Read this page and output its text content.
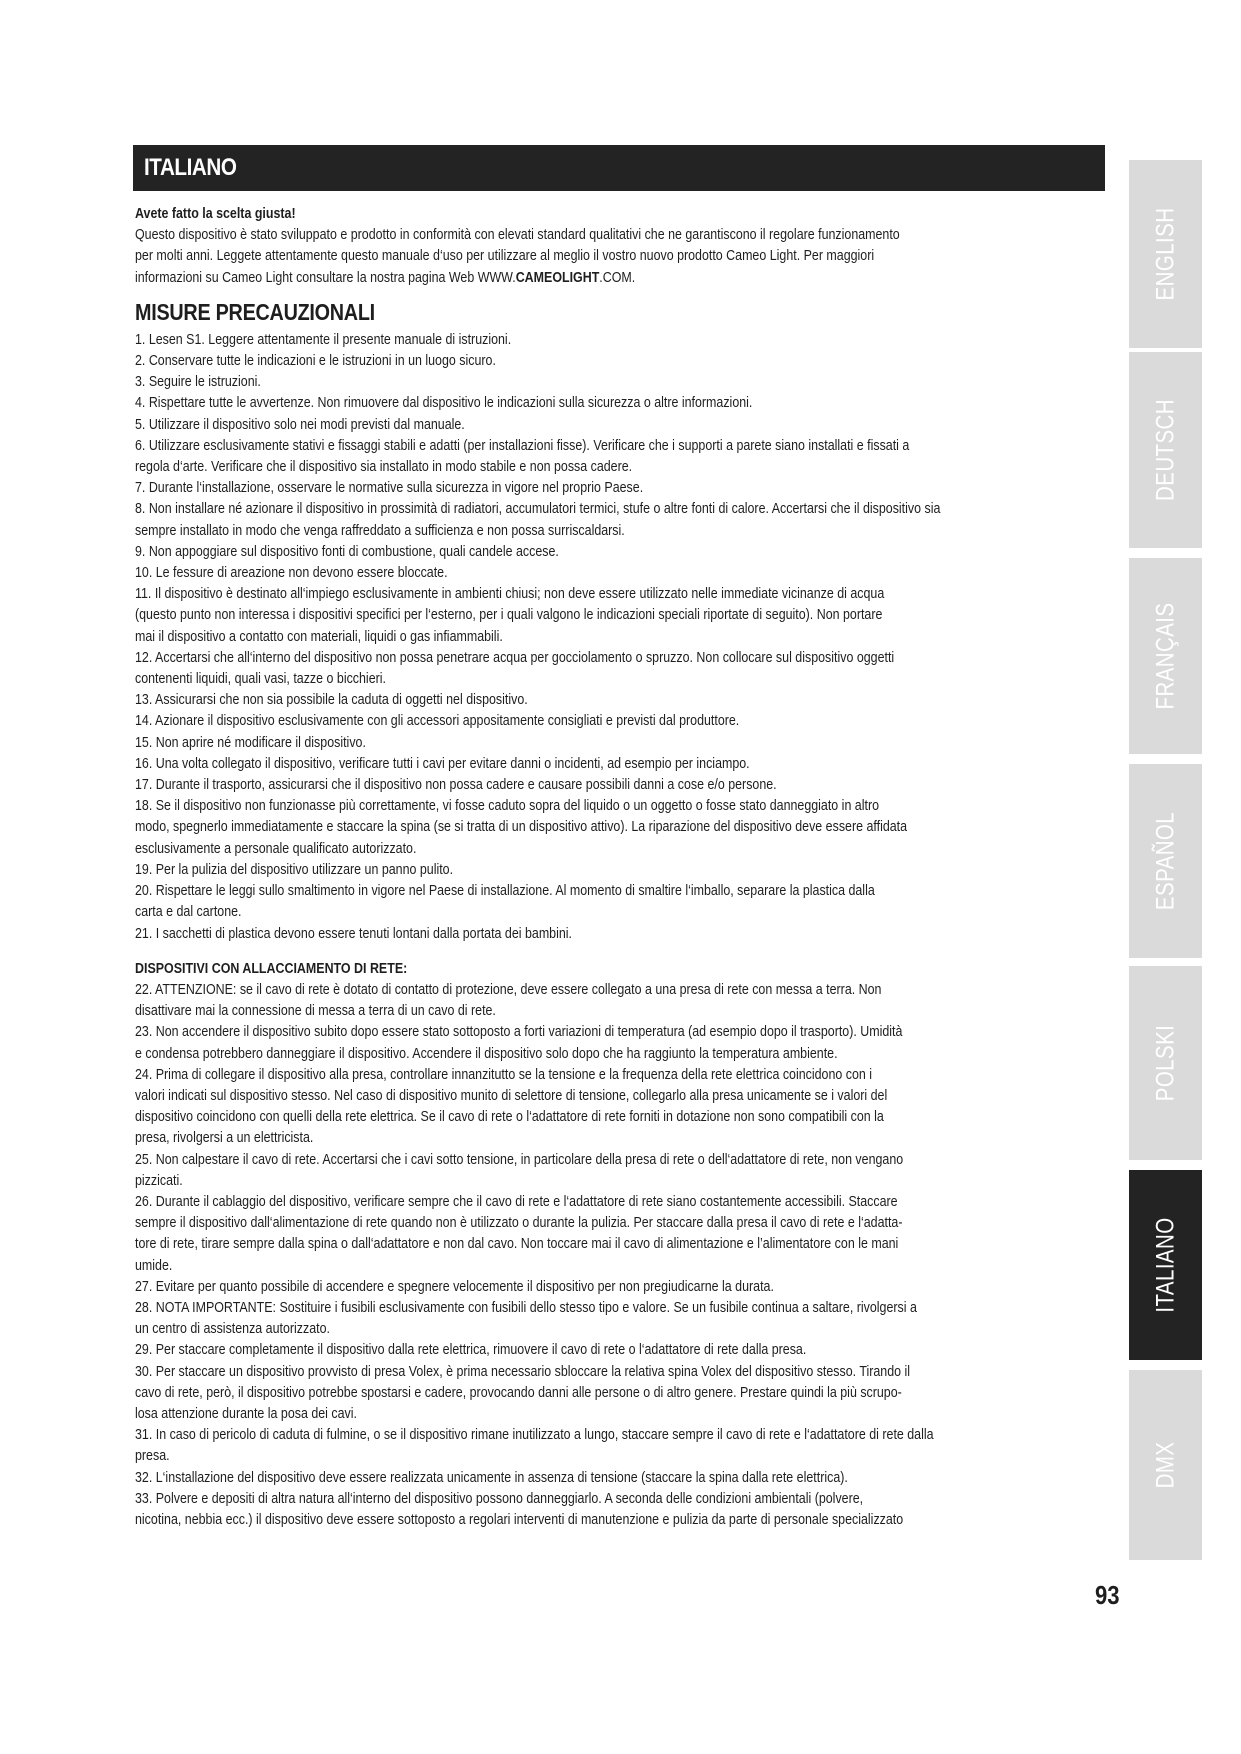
ITALIANO
Avete fatto la scelta giusta!
Questo dispositivo è stato sviluppato e prodotto in conformità con elevati standard qualitativi che ne garantiscono il regolare funzionamento
per molti anni. Leggete attentamente questo manuale d‘uso per utilizzare al meglio il vostro nuovo prodotto Cameo Light. Per maggiori
informazioni su Cameo Light consultare la nostra pagina Web WWW.CAMEOLIGHT.COM.
MISURE PRECAUZIONALI
1. Lesen S1. Leggere attentamente il presente manuale di istruzioni.
2. Conservare tutte le indicazioni e le istruzioni in un luogo sicuro.
3. Seguire le istruzioni.
4. Rispettare tutte le avvertenze. Non rimuovere dal dispositivo le indicazioni sulla sicurezza o altre informazioni.
5. Utilizzare il dispositivo solo nei modi previsti dal manuale.
6. Utilizzare esclusivamente stativi e fissaggi stabili e adatti (per installazioni fisse). Verificare che i supporti a parete siano installati e fissati a
regola d‘arte. Verificare che il dispositivo sia installato in modo stabile e non possa cadere.
7. Durante l‘installazione, osservare le normative sulla sicurezza in vigore nel proprio Paese.
8. Non installare né azionare il dispositivo in prossimità di radiatori, accumulatori termici, stufe o altre fonti di calore. Accertarsi che il dispositivo sia
sempre installato in modo che venga raffreddato a sufficienza e non possa surriscaldarsi.
9. Non appoggiare sul dispositivo fonti di combustione, quali candele accese.
10. Le fessure di areazione non devono essere bloccate.
11. Il dispositivo è destinato all‘impiego esclusivamente in ambienti chiusi; non deve essere utilizzato nelle immediate vicinanze di acqua
(questo punto non interessa i dispositivi specifici per l‘esterno, per i quali valgono le indicazioni speciali riportate di seguito). Non portare
mai il dispositivo a contatto con materiali, liquidi o gas infiammabili.
12. Accertarsi che all‘interno del dispositivo non possa penetrare acqua per gocciolamento o spruzzo. Non collocare sul dispositivo oggetti
contenenti liquidi, quali vasi, tazze o bicchieri.
13. Assicurarsi che non sia possibile la caduta di oggetti nel dispositivo.
14. Azionare il dispositivo esclusivamente con gli accessori appositamente consigliati e previsti dal produttore.
15. Non aprire né modificare il dispositivo.
16. Una volta collegato il dispositivo, verificare tutti i cavi per evitare danni o incidenti, ad esempio per inciampo.
17. Durante il trasporto, assicurarsi che il dispositivo non possa cadere e causare possibili danni a cose e/o persone.
18. Se il dispositivo non funzionasse più correttamente, vi fosse caduto sopra del liquido o un oggetto o fosse stato danneggiato in altro
modo, spegnerlo immediatamente e staccare la spina (se si tratta di un dispositivo attivo). La riparazione del dispositivo deve essere affidata
esclusivamente a personale qualificato autorizzato.
19. Per la pulizia del dispositivo utilizzare un panno pulito.
20. Rispettare le leggi sullo smaltimento in vigore nel Paese di installazione. Al momento di smaltire l‘imballo, separare la plastica dalla
carta e dal cartone.
21. I sacchetti di plastica devono essere tenuti lontani dalla portata dei bambini.
DISPOSITIVI CON ALLACCIAMENTO DI RETE:
22. ATTENZIONE: se il cavo di rete è dotato di contatto di protezione, deve essere collegato a una presa di rete con messa a terra. Non
disattivare mai la connessione di messa a terra di un cavo di rete.
23. Non accendere il dispositivo subito dopo essere stato sottoposto a forti variazioni di temperatura (ad esempio dopo il trasporto). Umidità
e condensa potrebbero danneggiare il dispositivo. Accendere il dispositivo solo dopo che ha raggiunto la temperatura ambiente.
24. Prima di collegare il dispositivo alla presa, controllare innanzitutto se la tensione e la frequenza della rete elettrica coincidono con i
valori indicati sul dispositivo stesso. Nel caso di dispositivo munito di selettore di tensione, collegarlo alla presa unicamente se i valori del
dispositivo coincidono con quelli della rete elettrica. Se il cavo di rete o l‘adattatore di rete forniti in dotazione non sono compatibili con la
presa, rivolgersi a un elettricista.
25. Non calpestare il cavo di rete. Accertarsi che i cavi sotto tensione, in particolare della presa di rete o dell‘adattatore di rete, non vengano
pizzicati.
26. Durante il cablaggio del dispositivo, verificare sempre che il cavo di rete e l‘adattatore di rete siano costantemente accessibili. Staccare
sempre il dispositivo dall‘alimentazione di rete quando non è utilizzato o durante la pulizia. Per staccare dalla presa il cavo di rete e l‘adatta-
tore di rete, tirare sempre dalla spina o dall‘adattatore e non dal cavo. Non toccare mai il cavo di alimentazione e l’alimentatore con le mani
umide.
27. Evitare per quanto possibile di accendere e spegnere velocemente il dispositivo per non pregiudicarne la durata.
28. NOTA IMPORTANTE: Sostituire i fusibili esclusivamente con fusibili dello stesso tipo e valore. Se un fusibile continua a saltare, rivolgersi a
un centro di assistenza autorizzato.
29. Per staccare completamente il dispositivo dalla rete elettrica, rimuovere il cavo di rete o l‘adattatore di rete dalla presa.
30. Per staccare un dispositivo provvisto di presa Volex, è prima necessario sbloccare la relativa spina Volex del dispositivo stesso. Tirando il
cavo di rete, però, il dispositivo potrebbe spostarsi e cadere, provocando danni alle persone o di altro genere. Prestare quindi la più scrupo-
losa attenzione durante la posa dei cavi.
31. In caso di pericolo di caduta di fulmine, o se il dispositivo rimane inutilizzato a lungo, staccare sempre il cavo di rete e l‘adattatore di rete dalla
presa.
32. L‘installazione del dispositivo deve essere realizzata unicamente in assenza di tensione (staccare la spina dalla rete elettrica).
33. Polvere e depositi di altra natura all‘interno del dispositivo possono danneggiarlo. A seconda delle condizioni ambientali (polvere,
nicotina, nebbia ecc.) il dispositivo deve essere sottoposto a regolari interventi di manutenzione e pulizia da parte di personale specializzato
ENGLISH
DEUTSCH
FRANÇAIS
ESPAÑOL
POLSKI
ITALIANO
DMX
93
